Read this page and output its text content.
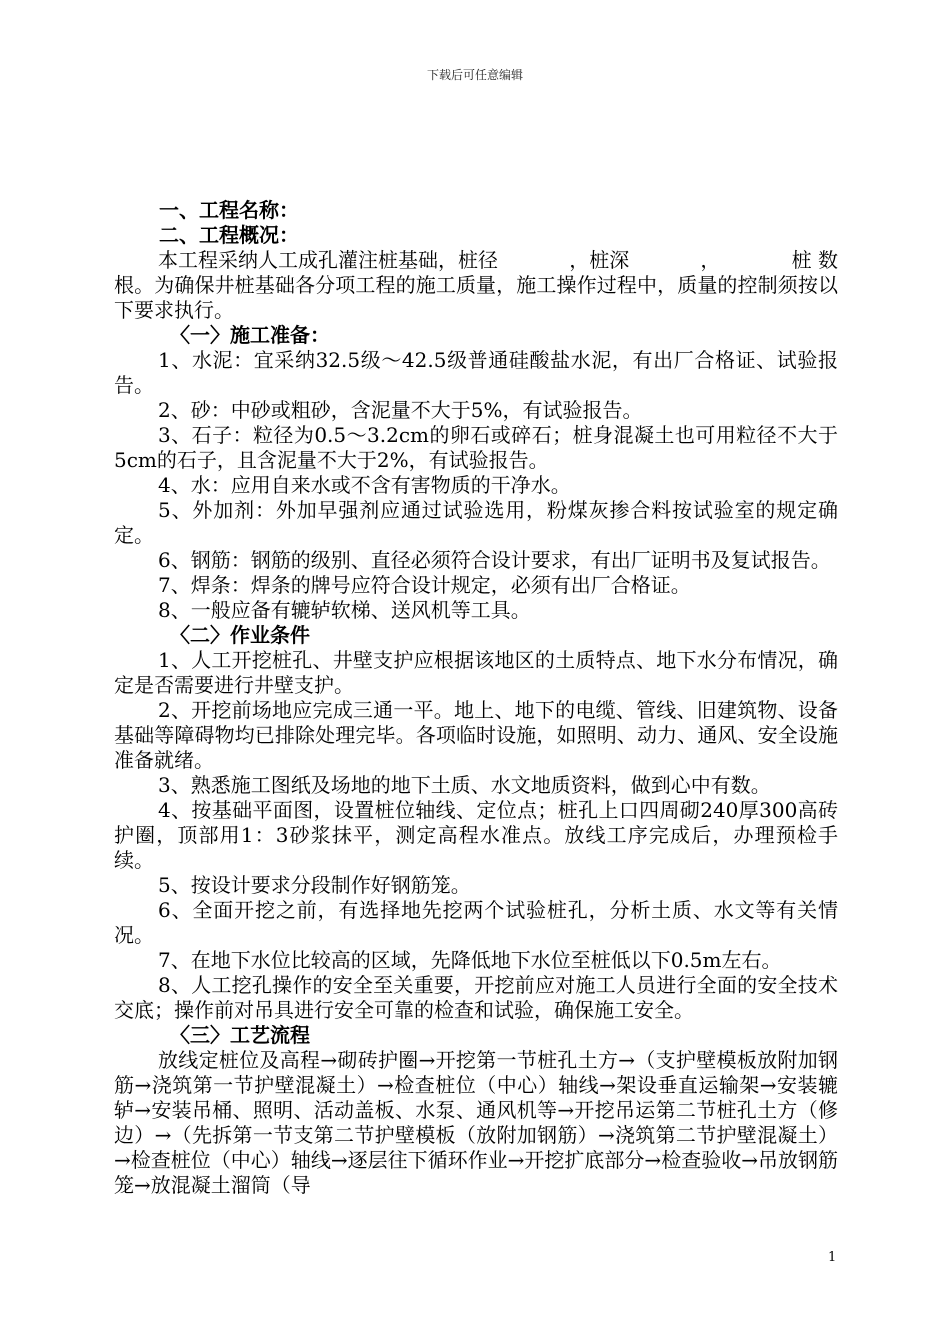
下载后可任意编辑
一、工程名称：
二、工程概况：
本工程采纳人工成孔灌注桩基础，桩径	，桩深	，	桩 数
根。为确保井桩基础各分项工程的施工质量，施工操作过程中，质量的控制须按以下要求执行。
〈一〉施工准备：
1、水泥：宜采纳32.5级～42.5级普通硅酸盐水泥，有出厂合格证、试验报告。
2、砂：中砂或粗砂，含泥量不大于5%，有试验报告。
3、石子：粒径为0.5～3.2cm的卵石或碎石；桩身混凝土也可用粒径不大于5cm的石子，且含泥量不大于2%，有试验报告。
4、水：应用自来水或不含有害物质的干净水。
5、外加剂：外加早强剂应通过试验选用，粉煤灰掺合料按试验室的规定确定。
6、钢筋：钢筋的级别、直径必须符合设计要求，有出厂证明书及复试报告。
7、焊条：焊条的牌号应符合设计规定，必须有出厂合格证。
8、一般应备有辘轳软梯、送风机等工具。
〈二〉作业条件
1、人工开挖桩孔、井壁支护应根据该地区的土质特点、地下水分布情况，确定是否需要进行井壁支护。
2、开挖前场地应完成三通一平。地上、地下的电缆、管线、旧建筑物、设备基础等障碍物均已排除处理完毕。各项临时设施，如照明、动力、通风、安全设施准备就绪。
3、熟悉施工图纸及场地的地下土质、水文地质资料，做到心中有数。
4、按基础平面图，设置桩位轴线、定位点；桩孔上口四周砌240厚300高砖护圈，顶部用1：3砂浆抹平，测定高程水准点。放线工序完成后，办理预检手续。
5、按设计要求分段制作好钢筋笼。
6、全面开挖之前，有选择地先挖两个试验桩孔，分析土质、水文等有关情况。
7、在地下水位比较高的区域，先降低地下水位至桩低以下0.5m左右。
8、人工挖孔操作的安全至关重要，开挖前应对施工人员进行全面的安全技术交底；操作前对吊具进行安全可靠的检查和试验，确保施工安全。
〈三〉工艺流程
放线定桩位及高程→砌砖护圈→开挖第一节桩孔土方→（支护壁模板放附加钢筋→浇筑第一节护壁混凝土）→检查桩位（中心）轴线→架设垂直运输架→安装辘轳→安装吊桶、照明、活动盖板、水泵、通风机等→开挖吊运第二节桩孔土方（修边）→（先拆第一节支第二节护壁模板（放附加钢筋）→浇筑第二节护壁混凝土）→检查桩位（中心）轴线→逐层往下循环作业→开挖扩底部分→检查验收→吊放钢筋笼→放混凝土溜筒（导
1
